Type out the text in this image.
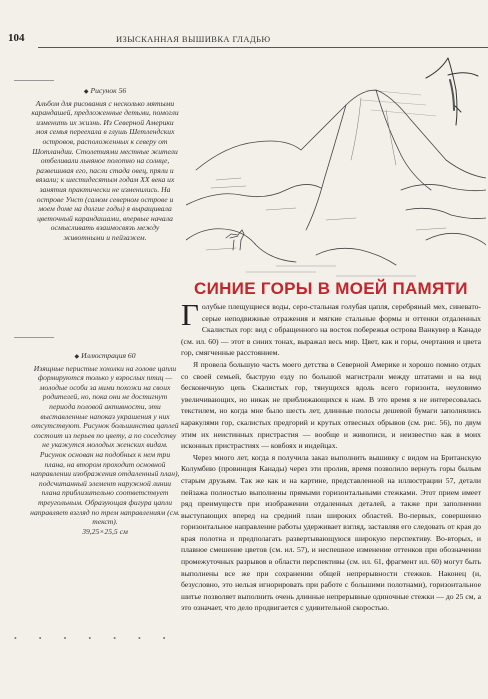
104	ИЗЫСКАННАЯ ВЫШИВКА ГЛАДЬЮ
◆ Рисунок 56
Альбом для рисования с несколько мятыми карандашей, предложенные детьми, помогли изменить их жизнь. Из Северной Америки моя семья переехала в глушь Шетлендских островов, расположенных к северу от Шотландии. Столетиями местные жители отбеливали льняное полотно на солнце, развешивая его, пасли стада овец, пряли и вязали; к шестидесятым годам XX века их занятия практически не изменились. На острове Унст (самом северном острове и моем доме на долгие годы) я выращивала цветочный карандашами, впервые начала осмысливать взаимосвязь между животными и пейзажем.
◆ Иллюстрация 60
Изящные перистые хохолки на голове цапли формируются только у взрослых птиц — молодые особи за ними похожи на своих родителей, но, пока они не достигнут периода половой активности, эти выставленные напоказ украшения у них отсутствуют. Рисунок большинства цаплей состоит из перьев по цвету, а по соседству не укажутся молодых женских видам. Рисунок основан на подобных к нем три плана, на втором проходит основной направлении изображения отдаленный план), подсчитанный элемент наружной линии плана приблизительно соответствует треугольным. Образующая фигура цапли направляет взгляд по трем направлениям (см. текст).
39,25×25,5 см
• • • • • • •
СИНИЕ ГОРЫ В МОЕЙ ПАМЯТИ

Голубые плещущиеся воды, серо-стальная голубая цапля, серебряный мех, синевато-серые неподвижные отражения и мягкие стальные формы и оттенки отдаленных Скалистых гор: вид с обращенного на восток побережья острова Ванкувер в Канаде (см. ил. 60) — этот в синих тонах, выражал весь мир. Цвет, как и горы, очертания и цвета гор, смягченные расстоянием.

Я провела большую часть моего детства в Северной Америке и хорошо помню отдых со своей семьей, быструю езду по большой магистрали между штатами и на вид бесконечную цепь Скалистых гор, тянущихся вдоль всего горизонта, неуловимо увеличивающих, но никак не приближающихся к нам. В это время я не интересовалась текстилем, но когда мне было шесть лет, длинные полосы дешевой бумаги заполнялись каракулями гор, скалистых предгорий и крутых отвесных обрывов (см. рис. 56), по двум этим их неистинных пристрастия — вообще и живописи, и неизвестно как в моих исконных пристрастиях — ковбоях и индейцах.

Через много лет, когда я получила заказ выполнить вышивку с видом на Британскую Колумбию (провинция Канады) через эти пролив, время позволило вернуть горы былым старым друзьям. Так же как и на картине, представленной на иллюстрации 57, детали пейзажа полностью выполнены прямыми горизонтальными стежками. Этот прием имеет ряд преимуществ при изображении отдаленных деталей, а также при заполнении выступающих вперед на средний план широких областей. Во-первых, совершенно горизонтальное направление работы удерживает взгляд, заставляя его следовать от края до края полотна и предполагать развертывающуюся широкую перспективу. Во-вторых, и плавное смешение цветов (см. ил. 57), и неспешное изменение оттенков при обозначении промежуточных разрывов в области перспективы (см. ил. 61, фрагмент ил. 60) могут быть выполнены все же при сохранении общей непрерывности стежков. Наконец (и, безусловно, это нельзя игнорировать при работе с большими полотнами), горизонтальное шитье позволяет выполнить очень длинные непрерывные одиночные стежки — до 25 см, а это означает, что дело продвигается с удивительной скоростью.
